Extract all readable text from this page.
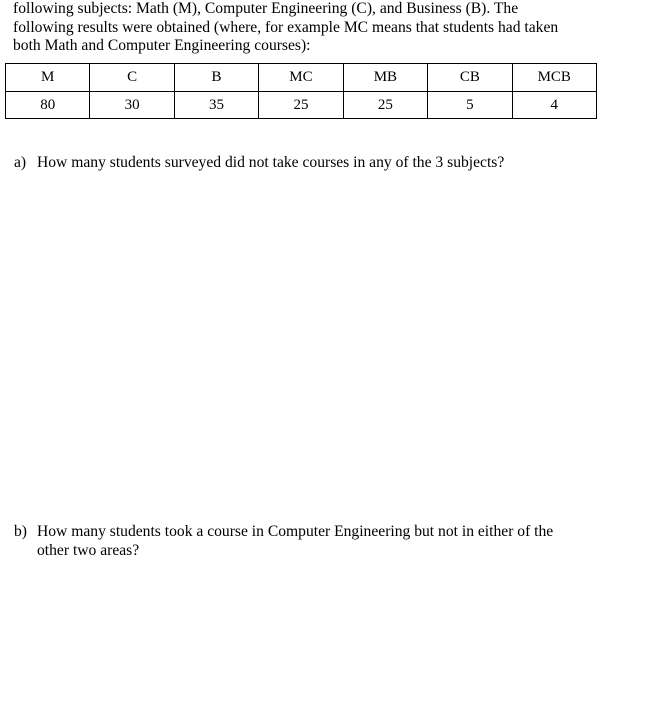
following subjects: Math (M), Computer Engineering (C), and Business (B). The
following results were obtained (where, for example MC means that students had taken
both Math and Computer Engineering courses):
M	C	B	MC	MB	CB	MCB
80	30	35	25	25	5	4
a) How many students surveyed did not take courses in any of the 3 subjects?
b) How many students took a course in Computer Engineering but not in either of the
other two areas?
